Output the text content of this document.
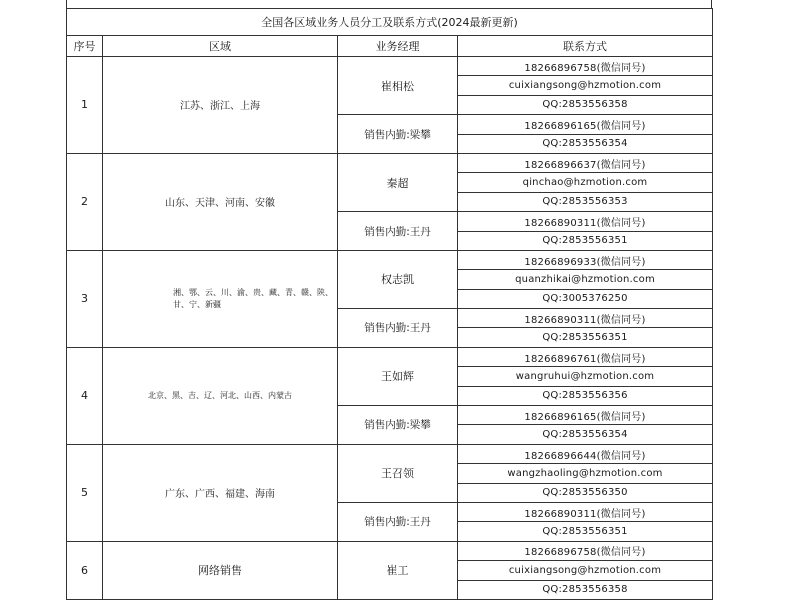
全国各区域业务人员分工及联系方式(2024最新更新)			
序号	区域	业务经理	联系方式
1	江苏、浙江、上海	崔相松	18266896758(微信同号)
			cuixiangsong@hzmotion.com
			QQ:2853556358
		销售内勤:梁攀	18266896165(微信同号)
			QQ:2853556354
2	山东、天津、河南、安徽	秦超	18266896637(微信同号)
			qinchao@hzmotion.com
			QQ:2853556353
		销售内勤:王丹	18266890311(微信同号)
			QQ:2853556351
3	湘、鄂、云、川、渝、贵、藏、青、赣、陕、甘、宁、新疆	权志凯	18266896933(微信同号)
			quanzhikai@hzmotion.com
			QQ:3005376250
		销售内勤:王丹	18266890311(微信同号)
			QQ:2853556351
4	北京、黑、吉、辽、河北、山西、内蒙古	王如辉	18266896761(微信同号)
			wangruhui@hzmotion.com
			QQ:2853556356
		销售内勤:梁攀	18266896165(微信同号)
			QQ:2853556354
5	广东、广西、福建、海南	王召领	18266896644(微信同号)
			wangzhaoling@hzmotion.com
			QQ:2853556350
		销售内勤:王丹	18266890311(微信同号)
			QQ:2853556351
6	网络销售	崔工	18266896758(微信同号)
			cuixiangsong@hzmotion.com
			QQ:2853556358
